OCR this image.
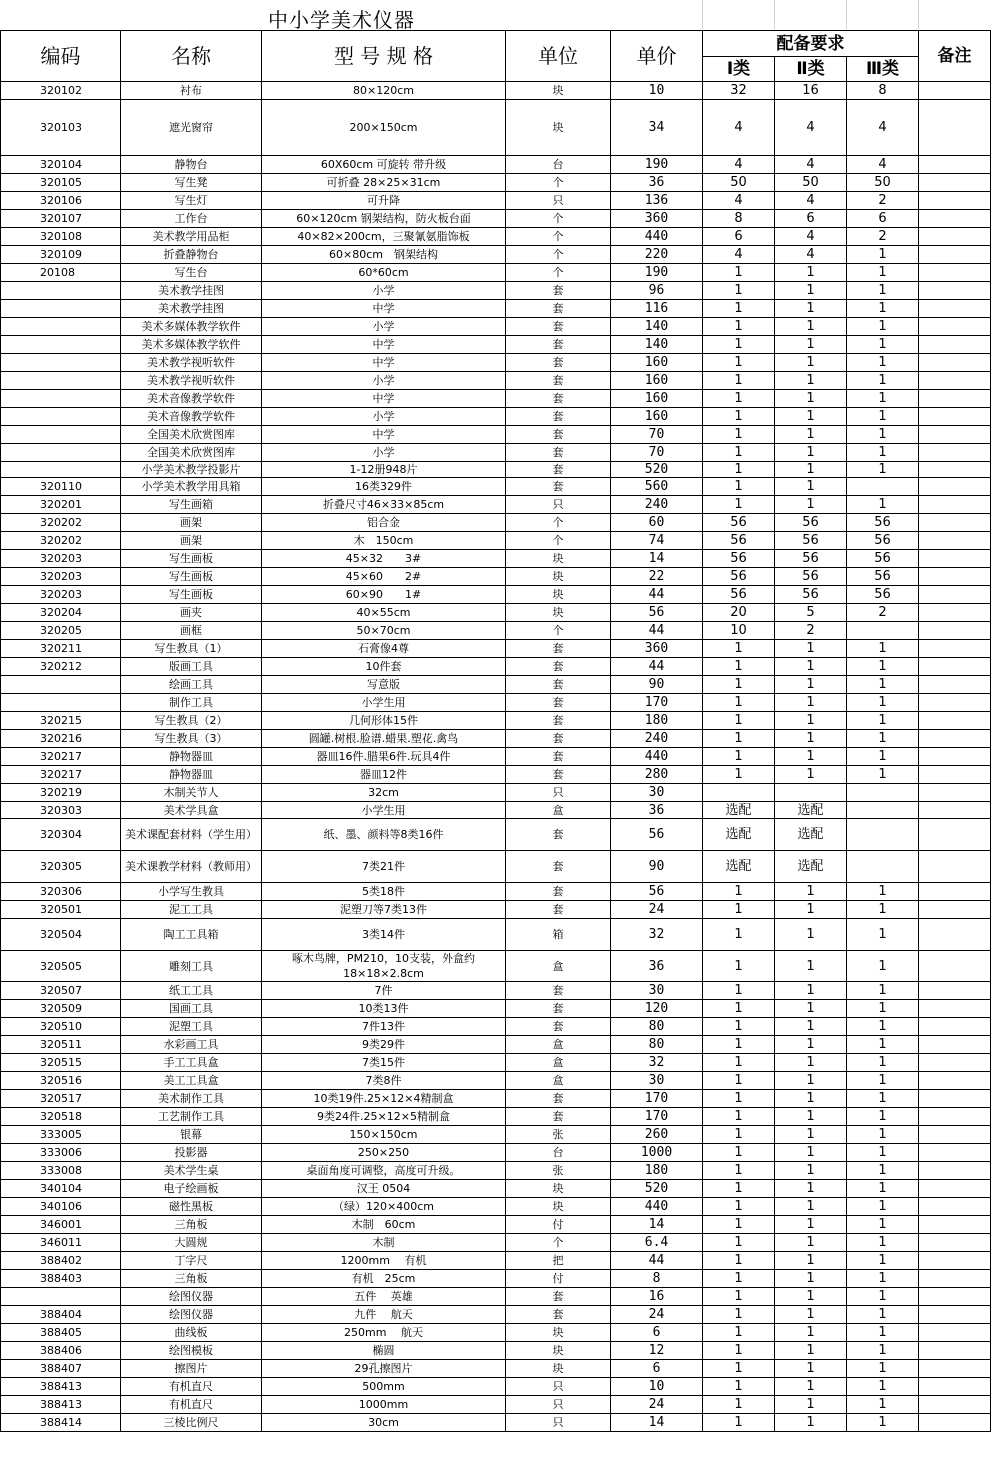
中小学美术仪器
编码	名称	型 号 规 格	单位	单价	配备要求			备注
					Ⅰ类	Ⅱ类	Ⅲ类	
320102	衬布	80×120cm	块	10	32	16	8	
320103	遮光窗帘	200×150cm	块	34	4	4	4	
320104	静物台	60X60cm 可旋转 带升级	台	190	4	4	4	
320105	写生凳	可折叠 28×25×31cm	个	36	50	50	50	
320106	写生灯	可升降	只	136	4	4	2	
320107	工作台	60×120cm 钢架结构，防火板台面	个	360	8	6	6	
320108	美术教学用品柜	40×82×200cm，三聚氰氨脂饰板	个	440	6	4	2	
320109	折叠静物台	60×80cm　钢架结构	个	220	4	4	1	
20108	写生台	60*60cm	个	190	1	1	1	
	美术教学挂图	小学	套	96	1	1	1	
	美术教学挂图	中学	套	116	1	1	1	
	美术多媒体教学软件	小学	套	140	1	1	1	
	美术多媒体教学软件	中学	套	140	1	1	1	
	美术教学视听软件	中学	套	160	1	1	1	
	美术教学视听软件	小学	套	160	1	1	1	
	美术音像教学软件	中学	套	160	1	1	1	
	美术音像教学软件	小学	套	160	1	1	1	
	全国美术欣赏图库	中学	套	70	1	1	1	
	全国美术欣赏图库	小学	套	70	1	1	1	
	小学美术教学投影片	1-12册948片	套	520	1	1	1	
320110	小学美术教学用具箱	16类329件	套	560	1	1		
320201	写生画箱	折叠尺寸46×33×85cm	只	240	1	1	1	
320202	画架	铝合金	个	60	56	56	56	
320202	画架	木　150cm	个	74	56	56	56	
320203	写生画板	45×32　　3#	块	14	56	56	56	
320203	写生画板	45×60　　2#	块	22	56	56	56	
320203	写生画板	60×90　　1#	块	44	56	56	56	
320204	画夹	40×55cm	块	56	20	5	2	
320205	画框	50×70cm	个	44	10	2		
320211	写生教具（1）	石膏像4尊	套	360	1	1	1	
320212	版画工具	10件套	套	44	1	1	1	
	绘画工具	写意版	套	90	1	1	1	
	制作工具	小学生用	套	170	1	1	1	
320215	写生教具（2）	几何形体15件	套	180	1	1	1	
320216	写生教具（3）	圆罐.树根.脸谱.蜡果.塑花.禽鸟	套	240	1	1	1	
320217	静物器皿	器皿16件.腊果6件.玩具4件	套	440	1	1	1	
320217	静物器皿	器皿12件	套	280	1	1	1	
320219	木制关节人	32cm	只	30				
320303	美术学具盒	小学生用	盒	36	选配	选配		
320304	美术课配套材料（学生用）	纸、墨、颜料等8类16件	套	56	选配	选配		
320305	美术课教学材料（教师用）	7类21件	套	90	选配	选配		
320306	小学写生教具	5类18件	套	56	1	1	1	
320501	泥工工具	泥塑刀等7类13件	套	24	1	1	1	
320504	陶工工具箱	3类14件	箱	32	1	1	1	
320505	雕刻工具	啄木鸟牌，PM210，10支装，外盒约18×18×2.8cm	盒	36	1	1	1	
320507	纸工工具	7件	套	30	1	1	1	
320509	国画工具	10类13件	套	120	1	1	1	
320510	泥塑工具	7件13件	套	80	1	1	1	
320511	水彩画工具	9类29件	盒	80	1	1	1	
320515	手工工具盒	7类15件	盒	32	1	1	1	
320516	美工工具盒	7类8件	盒	30	1	1	1	
320517	美术制作工具	10类19件.25×12×4精制盒	套	170	1	1	1	
320518	工艺制作工具	9类24件.25×12×5精制盒	套	170	1	1	1	
333005	银幕	150×150cm	张	260	1	1	1	
333006	投影器	250×250	台	1000	1	1	1	
333008	美术学生桌	桌面角度可调整，高度可升级。	张	180	1	1	1	
340104	电子绘画板	汉王 0504	块	520	1	1	1	
340106	磁性黑板	（绿）120×400cm	块	440	1	1	1	
346001	三角板	木制　60cm	付	14	1	1	1	
346011	大圆规	木制	个	6.4	1	1	1	
388402	丁字尺	1200mm　 有机	把	44	1	1	1	
388403	三角板	有机　25cm	付	8	1	1	1	
	绘图仪器	五件　 英雄	套	16	1	1	1	
388404	绘图仪器	九件　 航天	套	24	1	1	1	
388405	曲线板	250mm　 航天	块	6	1	1	1	
388406	绘图模板	椭圆	块	12	1	1	1	
388407	擦图片	29孔擦图片	块	6	1	1	1	
388413	有机直尺	500mm	只	10	1	1	1	
388413	有机直尺	1000mm	只	24	1	1	1	
388414	三棱比例尺	30cm	只	14	1	1	1	
